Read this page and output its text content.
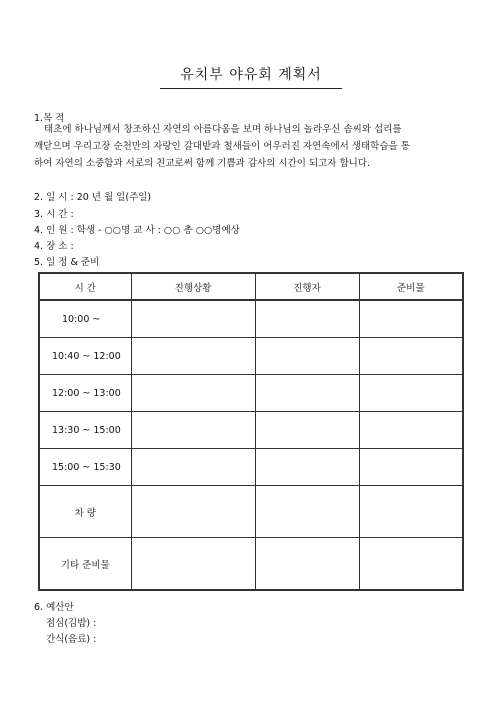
유치부 야유회 계획서
1.목 적
태초에 하나님께서 창조하신 자연의 아름다움을 보며 하나님의 놀라우신 솜씨와 섭리를
깨닫으며 우리고장 순천만의 자랑인 갈대밭과 철새들이 어우러진 자연속에서 생태학습을 통
하여 자연의 소중함과 서로의 친교로써 함께 기쁨과 감사의 시간이 되고자 합니다.
2. 일 시 : 20 년 월 일(주일)
3. 시 간 :
4. 인 원 : 학생 - ○○명 교 사 : ○○ 총 ○○명예상
4. 장 소 :
5. 일 정 & 준비
시 간	진행상황	진행자	준비물
10:00 ~			
10:40 ~ 12:00			
12:00 ~ 13:00			
13:30 ~ 15:00			
15:00 ~ 15:30			
차 량			
기타 준비물			
6. 예산안
점심(김밥) :
간식(음료) :
